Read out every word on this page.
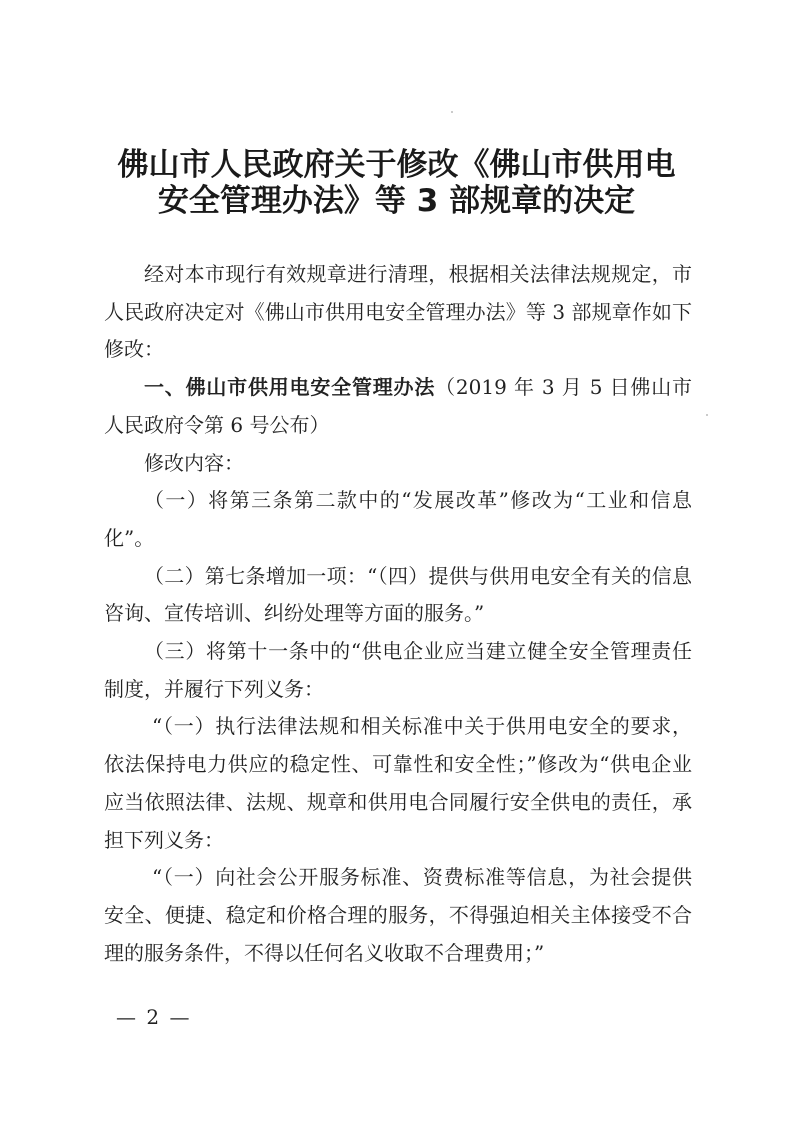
佛山市人民政府关于修改《佛山市供用电
安全管理办法》等 3 部规章的决定

经对本市现行有效规章进行清理，根据相关法律法规规定，市人民政府决定对《佛山市供用电安全管理办法》等 3 部规章作如下修改：

一、佛山市供用电安全管理办法（2019 年 3 月 5 日佛山市人民政府令第 6 号公布）

修改内容：

（一）将第三条第二款中的“发展改革”修改为“工业和信息化”。

（二）第七条增加一项：“（四）提供与供用电安全有关的信息咨询、宣传培训、纠纷处理等方面的服务。”

（三）将第十一条中的“供电企业应当建立健全安全管理责任制度，并履行下列义务：

“（一）执行法律法规和相关标准中关于供用电安全的要求，依法保持电力供应的稳定性、可靠性和安全性；”修改为“供电企业应当依照法律、法规、规章和供用电合同履行安全供电的责任，承担下列义务：

“（一）向社会公开服务标准、资费标准等信息，为社会提供安全、便捷、稳定和价格合理的服务，不得强迫相关主体接受不合理的服务条件，不得以任何名义收取不合理费用；”

— 2 —
